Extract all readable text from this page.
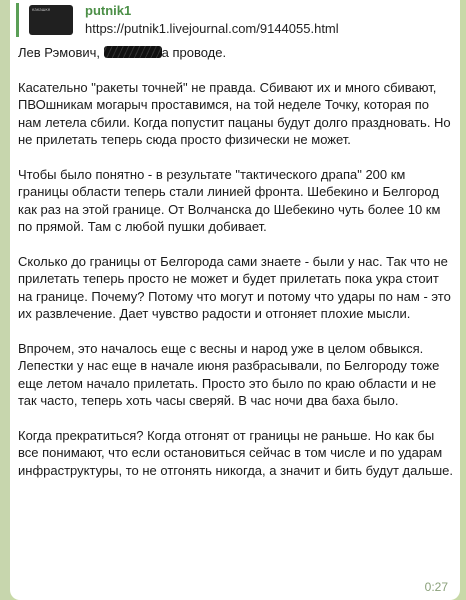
какашке	putnik1
https://putnik1.livejournal.com/9144055.html

Лев Рэмович,	а проводе.

Касательно "ракеты точней" не правда. Сбивают их и много сбивают, ПВОшникам могарыч проставимся, на той неделе Точку, которая по нам летела сбили. Когда попустит пацаны будут долго праздновать. Но не прилетать теперь сюда просто физически не может.

Чтобы было понятно - в результате "тактического драпа" 200 км границы области теперь стали линией фронта. Шебекино и Белгород как раз на этой границе. От Волчанска до Шебекино чуть более 10 км по прямой. Там с любой пушки добивает.

Сколько до границы от Белгорода сами знаете - были у нас. Так что не прилетать теперь просто не может и будет прилетать пока укра стоит на границе. Почему? Потому что могут и потому что удары по нам - это их развлечение. Дает чувство радости и отгоняет плохие мысли.

Впрочем, это началось еще с весны и народ уже в целом обвыкся. Лепестки у нас еще в начале июня разбрасывали, по Белгороду тоже еще летом начало прилетать. Просто это было по краю области и не так часто, теперь хоть часы сверяй. В час ночи два баха было.

Когда прекратиться? Когда отгонят от границы не раньше. Но как бы все понимают, что если остановиться сейчас в том числе и по ударам инфраструктуры, то не отгонять никогда, а значит и бить будут дальше.

0:27
